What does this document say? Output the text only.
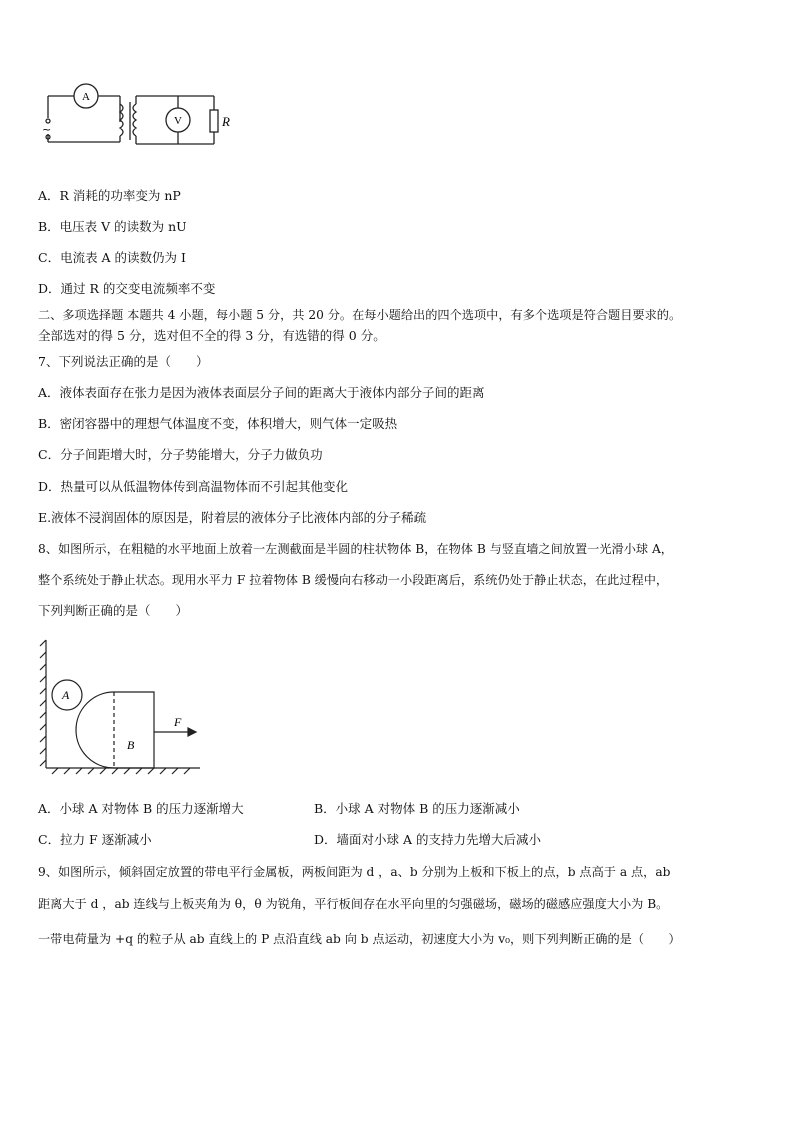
A
V	R
~
A．R 消耗的功率变为 nP
B．电压表 V 的读数为 nU
C．电流表 A 的读数仍为 I
D．通过 R 的交变电流频率不变
二、多项选择题 本题共 4 小题，每小题 5 分，共 20 分。在每小题给出的四个选项中，有多个选项是符合题目要求的。
全部选对的得 5 分，选对但不全的得 3 分，有选错的得 0 分。
7、下列说法正确的是（　　）
A．液体表面存在张力是因为液体表面层分子间的距离大于液体内部分子间的距离
B．密闭容器中的理想气体温度不变，体积增大，则气体一定吸热
C．分子间距增大时，分子势能增大，分子力做负功
D．热量可以从低温物体传到高温物体而不引起其他变化
E.液体不浸润固体的原因是，附着层的液体分子比液体内部的分子稀疏
8、如图所示，在粗糙的水平地面上放着一左测截面是半圆的柱状物体 B，在物体 B 与竖直墙之间放置一光滑小球 A，
整个系统处于静止状态。现用水平力 F 拉着物体 B 缓慢向右移动一小段距离后，系统仍处于静止状态，在此过程中，
下列判断正确的是（　　）
A
B
F
A．小球 A 对物体 B 的压力逐渐增大	B．小球 A 对物体 B 的压力逐渐减小
C．拉力 F 逐渐减小	D．墙面对小球 A 的支持力先增大后减小
9、如图所示，倾斜固定放置的带电平行金属板，两板间距为 d ，a、b 分别为上板和下板上的点，b 点高于 a 点，ab
距离大于 d ，ab 连线与上板夹角为 θ，θ 为锐角，平行板间存在水平向里的匀强磁场，磁场的磁感应强度大小为 B。
一带电荷量为 +q 的粒子从 ab 直线上的 P 点沿直线 ab 向 b 点运动，初速度大小为 v₀，则下列判断正确的是（　　）
